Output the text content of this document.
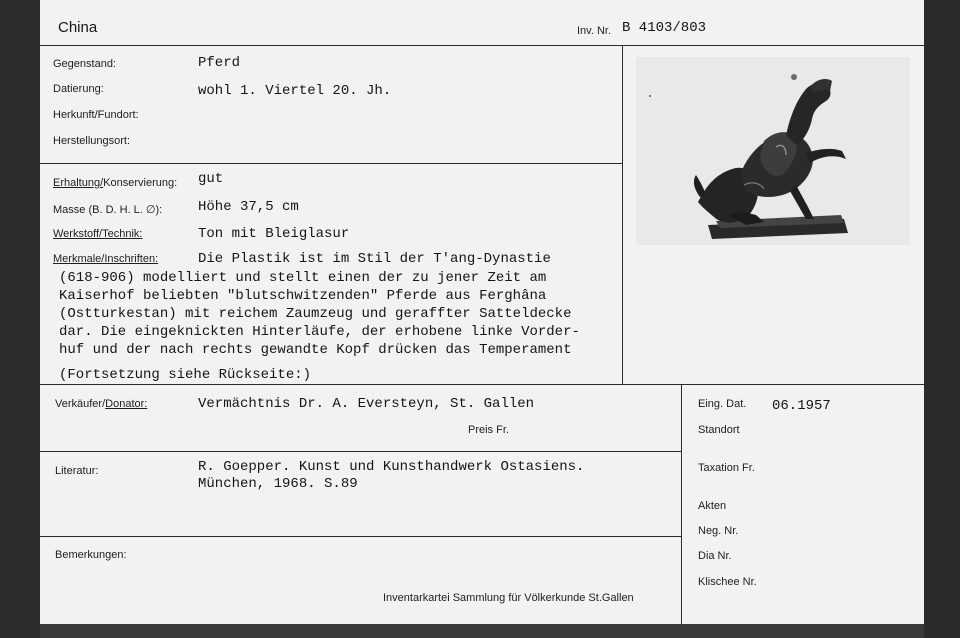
China	Inv. Nr. B 4103/803
Gegenstand:	Pferd
Datierung:	wohl 1. Viertel 20. Jh.
Herkunft/Fundort:
Herstellungsort:
Erhaltung/Konservierung: gut
Masse (B. D. H. L. ∅):	Höhe 37,5 cm
Werkstoff/Technik:	Ton mit Bleiglasur
Merkmale/Inschriften:	Die Plastik ist im Stil der T'ang-Dynastie
(618-906) modelliert und stellt einen der zu jener Zeit am
Kaiserhof beliebten "blutschwitzenden" Pferde aus Ferghâna
(Ostturkestan) mit reichem Zaumzeug und geraffter Satteldecke
dar. Die eingeknickten Hinterläufe, der erhobene linke Vorder-
huf und der nach rechts gewandte Kopf drücken das Temperament
(Fortsetzung siehe Rückseite:)
Verkäufer/Donator:	Vermächtnis Dr. A. Eversteyn, St. Gallen
Preis Fr.
Literatur:	R. Goepper. Kunst und Kunsthandwerk Ostasiens.
München, 1968. S.89
Bemerkungen:
Inventarkartei Sammlung für Völkerkunde St.Gallen
Eing. Dat. 06.1957
Standort
Taxation Fr.
Akten
Neg. Nr.
Dia Nr.
Klischee Nr.
